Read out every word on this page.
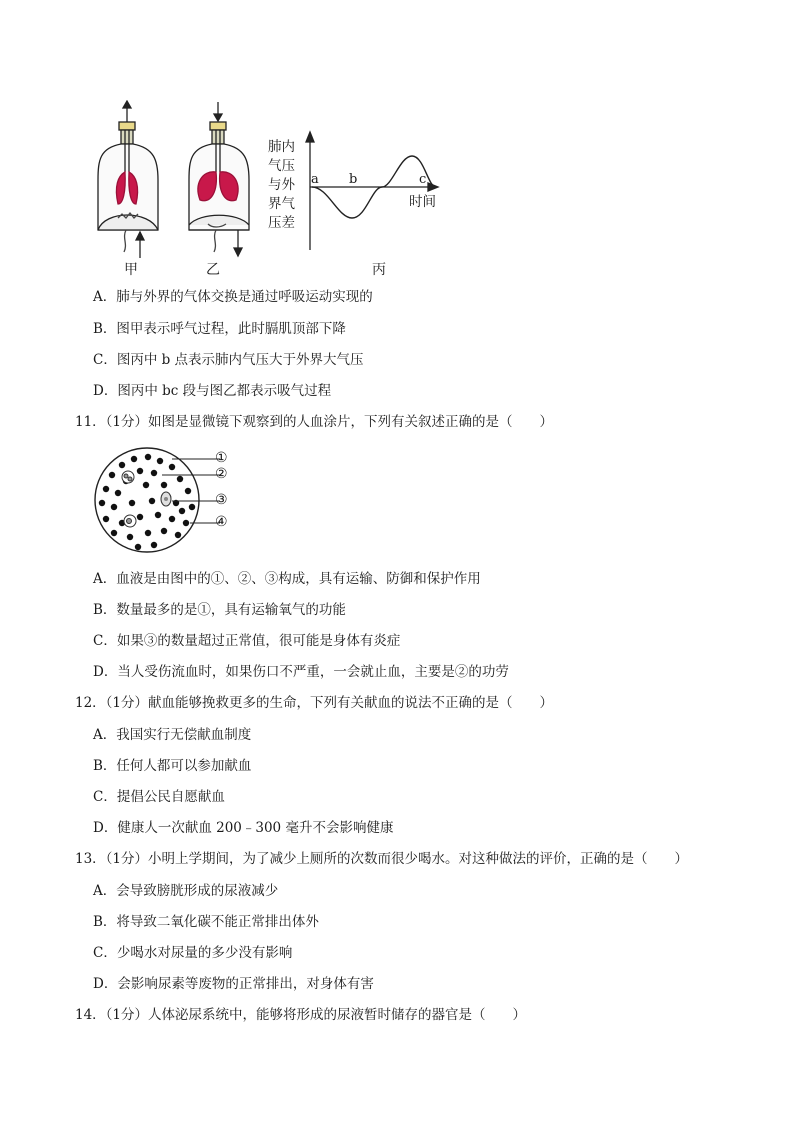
甲	乙	丙
肺内
气压
与外
界气
压差
a b	c
时间
A．肺与外界的气体交换是通过呼吸运动实现的
B．图甲表示呼气过程，此时膈肌顶部下降
C．图丙中 b 点表示肺内气压大于外界大气压
D．图丙中 bc 段与图乙都表示吸气过程
11．（1分）如图是显微镜下观察到的人血涂片，下列有关叙述正确的是（　　）
①
②
③
④
A．血液是由图中的①、②、③构成，具有运输、防御和保护作用
B．数量最多的是①，具有运输氧气的功能
C．如果③的数量超过正常值，很可能是身体有炎症
D．当人受伤流血时，如果伤口不严重，一会就止血，主要是②的功劳
12．（1分）献血能够挽救更多的生命，下列有关献血的说法不正确的是（　　）
A．我国实行无偿献血制度
B．任何人都可以参加献血
C．提倡公民自愿献血
D．健康人一次献血 200﹣300 毫升不会影响健康
13．（1分）小明上学期间，为了减少上厕所的次数而很少喝水。对这种做法的评价，正确的是（　　）
A．会导致膀胱形成的尿液减少
B．将导致二氧化碳不能正常排出体外
C．少喝水对尿量的多少没有影响
D．会影响尿素等废物的正常排出，对身体有害
14．（1分）人体泌尿系统中，能够将形成的尿液暂时储存的器官是（　　）
